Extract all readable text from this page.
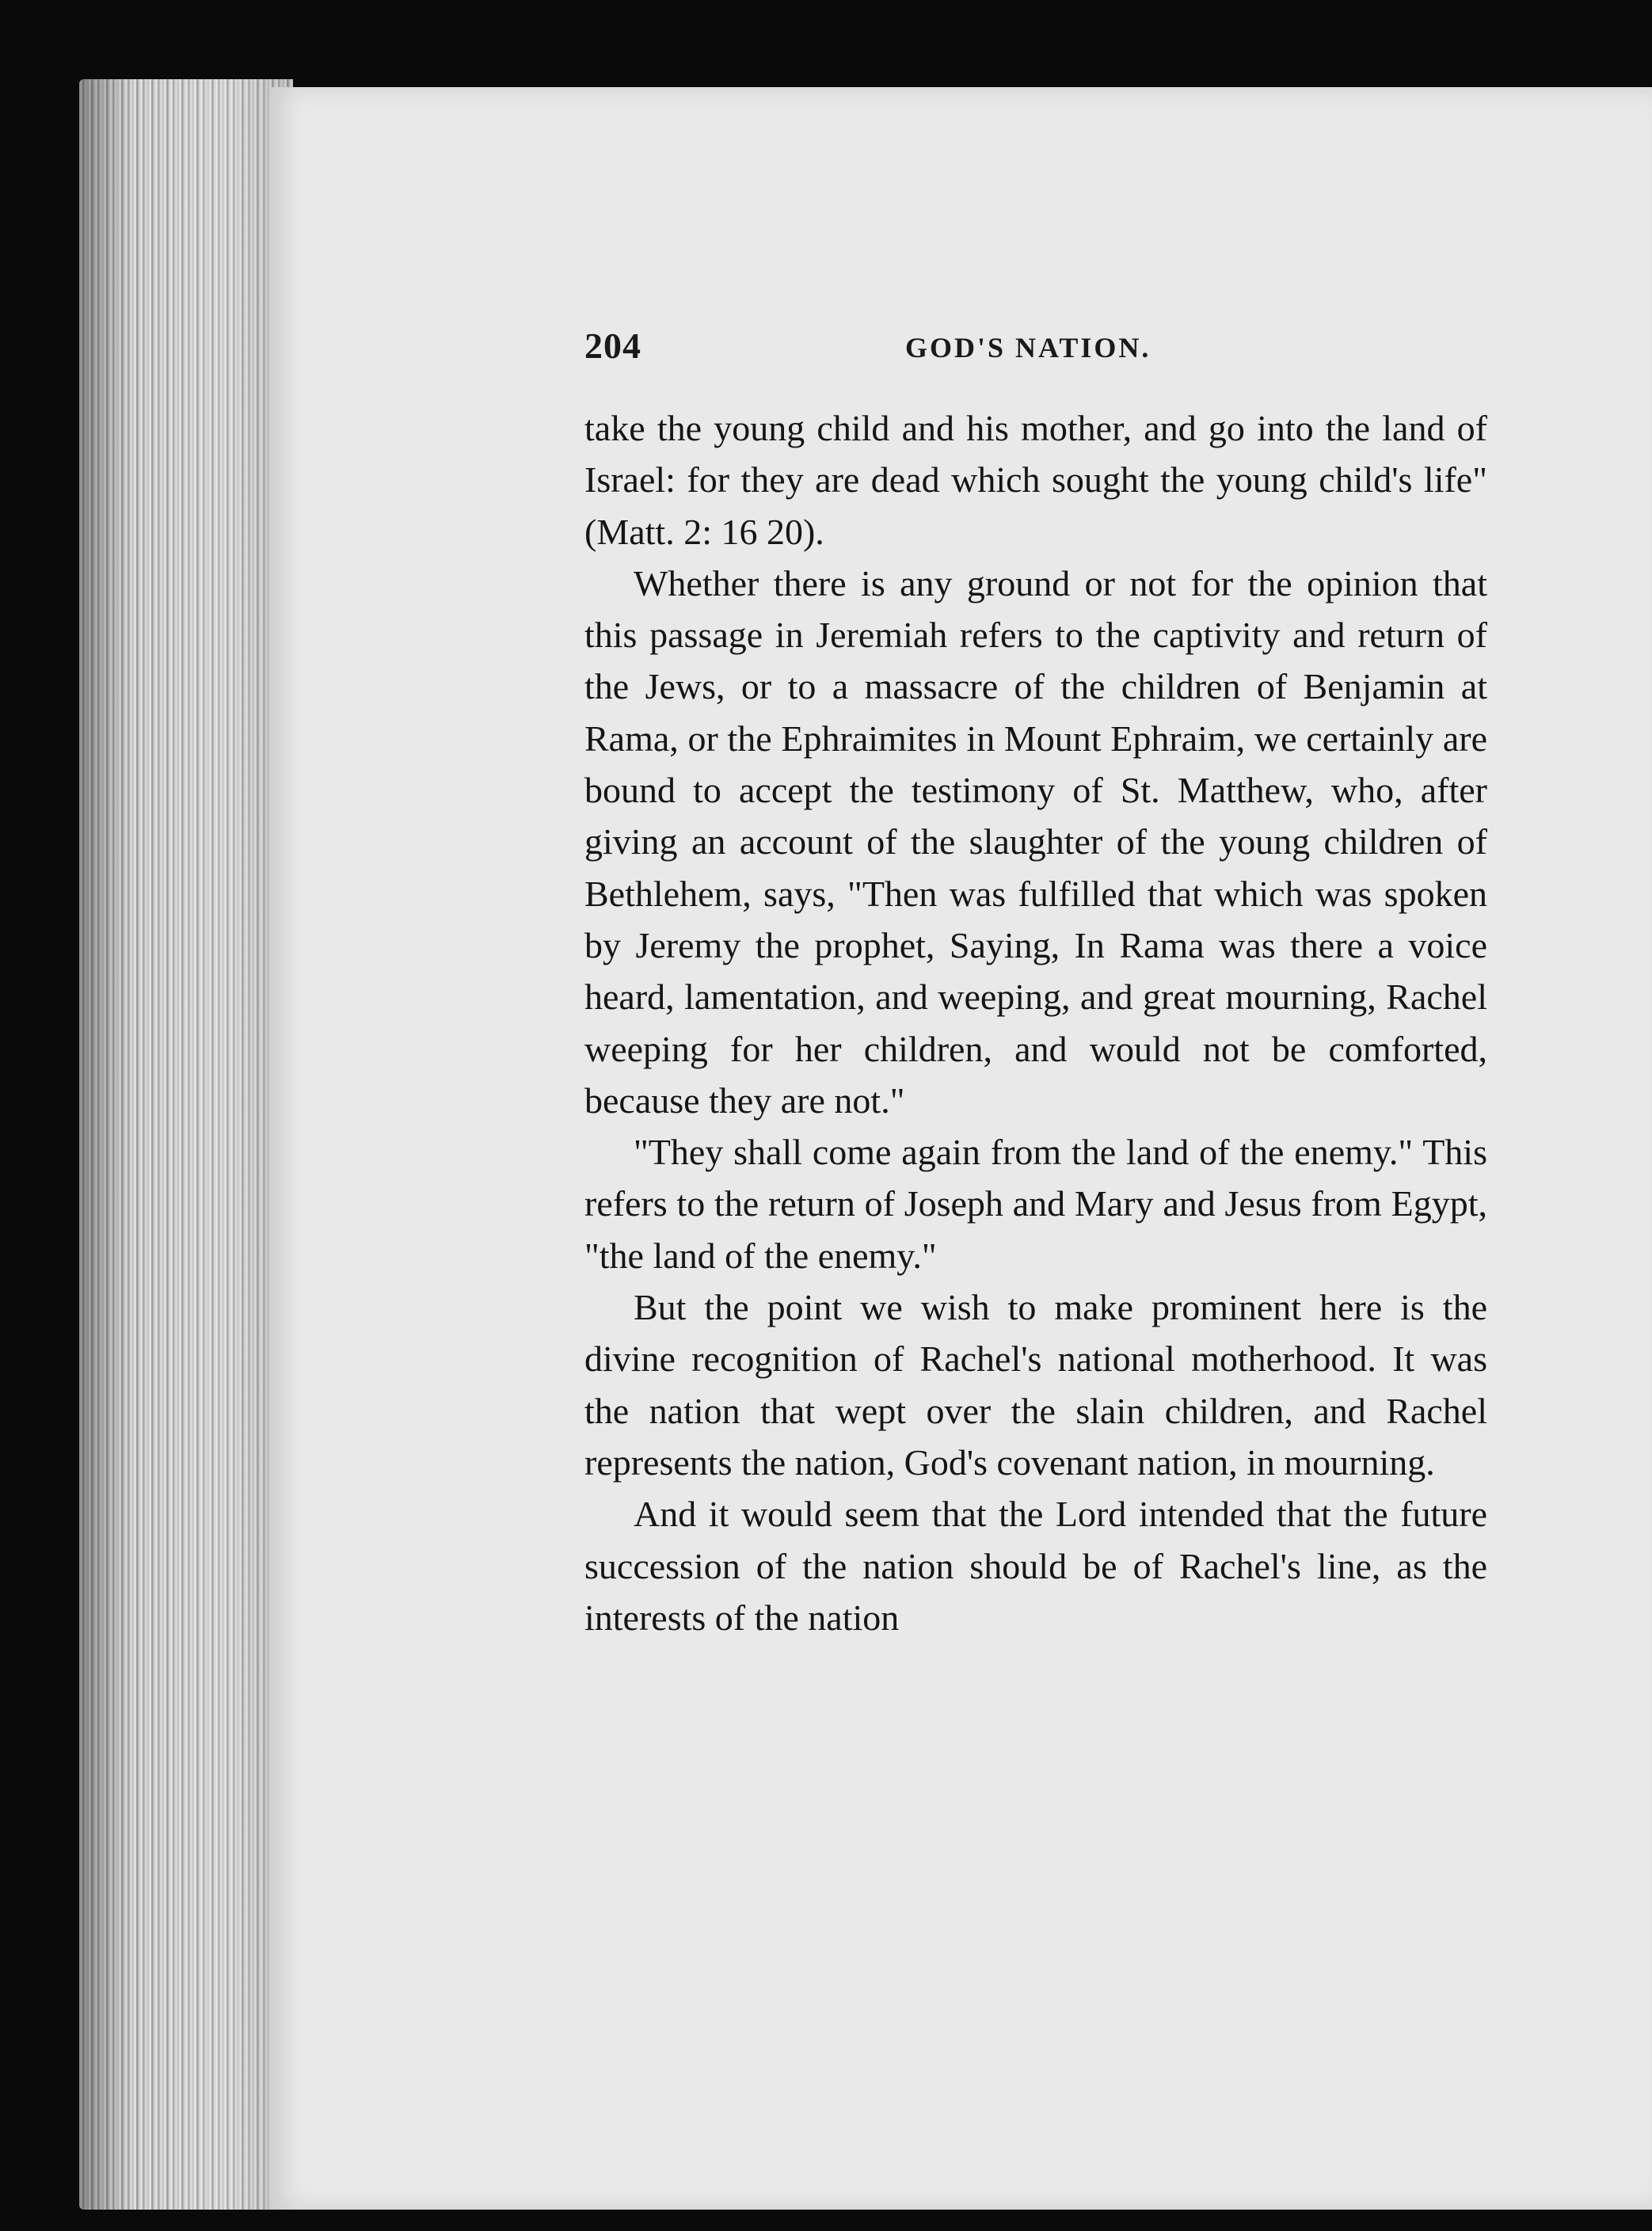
204	GOD'S NATION.

take the young child and his mother, and go into the land of Israel: for they are dead which sought the young child's life" (Matt. 2: 16 20).

Whether there is any ground or not for the opinion that this passage in Jeremiah refers to the captivity and return of the Jews, or to a massacre of the children of Benjamin at Rama, or the Ephraimites in Mount Ephraim, we certainly are bound to accept the testimony of St. Matthew, who, after giving an account of the slaughter of the young children of Bethlehem, says, "Then was fulfilled that which was spoken by Jeremy the prophet, Saying, In Rama was there a voice heard, lamentation, and weeping, and great mourning, Rachel weeping for her children, and would not be comforted, because they are not."

"They shall come again from the land of the enemy." This refers to the return of Joseph and Mary and Jesus from Egypt, "the land of the enemy."

But the point we wish to make prominent here is the divine recognition of Rachel's national motherhood. It was the nation that wept over the slain children, and Rachel represents the nation, God's covenant nation, in mourning.

And it would seem that the Lord intended that the future succession of the nation should be of Rachel's line, as the interests of the nation
